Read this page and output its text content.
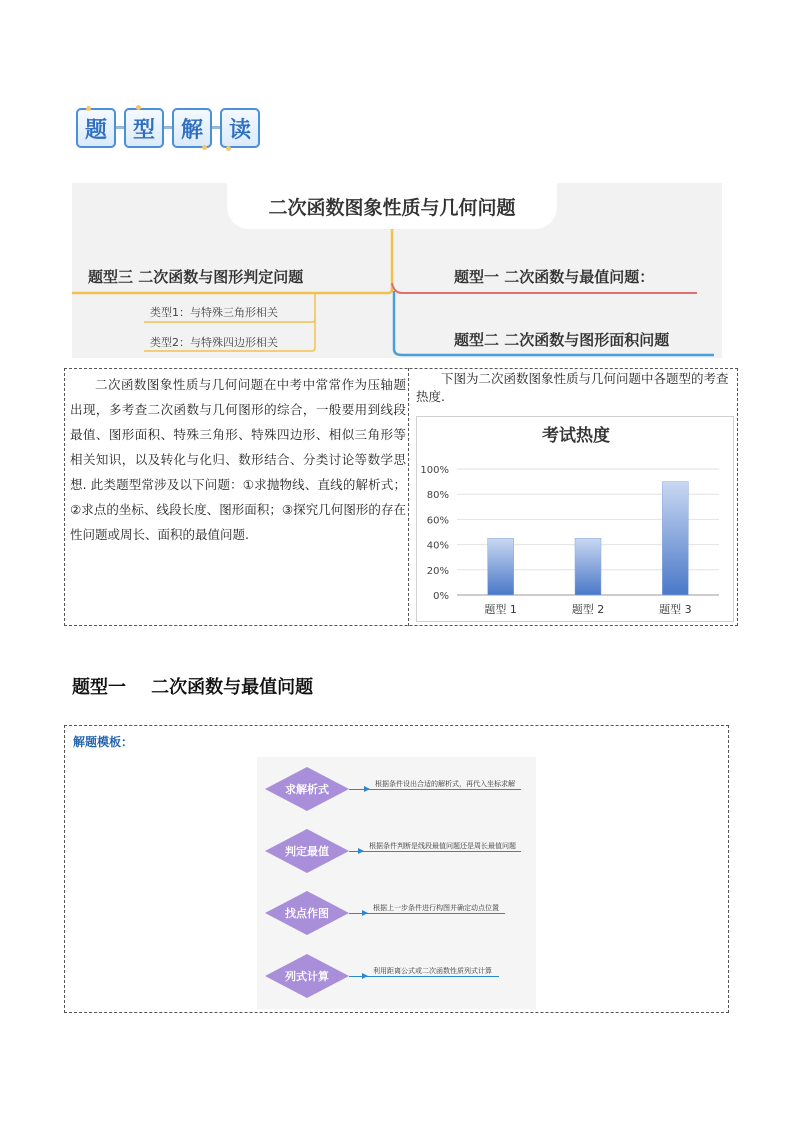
题	型	解	读
二次函数图象性质与几何问题
题型三 二次函数与图形判定问题
类型1：与特殊三角形相关
类型2：与特殊四边形相关
题型一 二次函数与最值问题：
题型二 二次函数与图形面积问题
二次函数图象性质与几何问题在中考中常常作为压轴题出现，多考查二次函数与几何图形的综合，一般要用到线段最值、图形面积、特殊三角形、特殊四边形、相似三角形等相关知识，以及转化与化归、数形结合、分类讨论等数学思想. 此类题型常涉及以下问题：①求抛物线、直线的解析式；②求点的坐标、线段长度、图形面积；③探究几何图形的存在性问题或周长、面积的最值问题.
下图为二次函数图象性质与几何问题中各题型的考查热度.
考试热度
0%
20%
40%
60%
80%
100%
题型 1	题型 2	题型 3
题型一    二次函数与最值问题
解题模板：
求解析式	根据条件设出合适的解析式，再代入坐标求解
判定最值	根据条件判断是线段最值问题还是周长最值问题
找点作图	根据上一步条件进行构图并确定动点位置
列式计算	利用距离公式或二次函数性质列式计算
